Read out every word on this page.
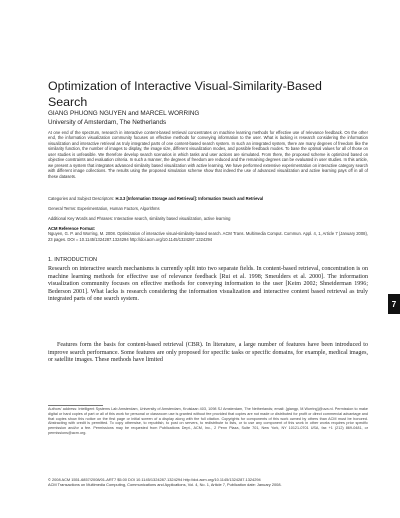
Optimization of Interactive Visual-Similarity-Based Search
GIANG PHUONG NGUYEN and MARCEL WORRING
University of Amsterdam, The Netherlands

At one end of the spectrum, research in interactive content-based retrieval concentrates on machine learning methods for effective use of relevance feedback. On the other end, the information visualization community focuses on effective methods for conveying information to the user. What is lacking is research considering the information visualization and interactive retrieval as truly integrated parts of one content-based search system. In such an integrated system, there are many degrees of freedom like the similarity function, the number of images to display, the image size, different visualization modes, and possible feedback modes. To base the optimal values for all of those on user studies is unfeasible. We therefore develop search scenarios in which tasks and user actions are simulated. From there, the proposed scheme is optimized based on objective constraints and evaluation criteria. In such a manner, the degrees of freedom are reduced and the remaining degrees can be evaluated in user studies. In this article, we present a system that integrates advanced similarity based visualization with active learning. We have performed extensive experimentation on interactive category search with different image collections. The results using the proposed simulation scheme show that indeed the use of advanced visualization and active learning pays off in all of these datasets.

Categories and Subject Descriptors: H.3.3 [Information Storage and Retrieval]: Information Search and Retrieval

General Terms: Experimentation, Human Factors, Algorithms

Additional Key Words and Phrases: Interactive search, similarity based visualization, active learning

ACM Reference Format:
Nguyen, G. P. and Worring, M. 2008. Optimization of interactive visual-similarity-based search. ACM Trans. Multimedia Comput. Commun. Appl. 4, 1, Article 7 (January 2008), 23 pages. DOI = 10.1145/1324287.1324294 http://doi.acm.org/10.1145/1324287.1324294
1. INTRODUCTION

Research on interactive search mechanisms is currently split into two separate fields. In content-based retrieval, concentration is on machine learning methods for effective use of relevance feedback [Rui et al. 1998; Smeulders et al. 2000]. The information visualization community focuses on effective methods for conveying information to the user [Keim 2002; Shneiderman 1996; Bederson 2001]. What lacks is research considering the information visualization and interactive content based retrieval as truly integrated parts of one search system.

Features form the basis for content-based retrieval (CBR). In literature, a large number of features have been introduced to improve search performance. Some features are only proposed for specific tasks or specific domains, for example, medical images, or satellite images. These methods have limited

Authors' address: Intelligent Systems Lab Amsterdam, University of Amsterdam, Kruislaan 403, 1098 SJ Amsterdam, The Netherlands; email: {giangp, M.Worring}@uva.nl. Permission to make digital or hard copies of part or all of this work for personal or classroom use is granted without fee provided that copies are not made or distributed for profit or direct commercial advantage and that copies show this notice on the first page or initial screen of a display along with the full citation. Copyrights for components of this work owned by others than ACM must be honored. Abstracting with credit is permitted. To copy otherwise, to republish, to post on servers, to redistribute to lists, or to use any component of this work in other works requires prior specific permission and/or a fee. Permissions may be requested from Publications Dept., ACM, Inc., 2 Penn Plaza, Suite 701, New York, NY 10121-0701 USA, fax +1 (212) 869-0481, or permissions@acm.org.

© 2008 ACM 1551-6857/2008/01-ART7 $5.00 DOI 10.1145/1324287.1324294 http://doi.acm.org/10.1145/1324287.1324294
ACM Transactions on Multimedia Computing, Communications and Applications, Vol. 4, No. 1, Article 7, Publication date: January 2008.
7
